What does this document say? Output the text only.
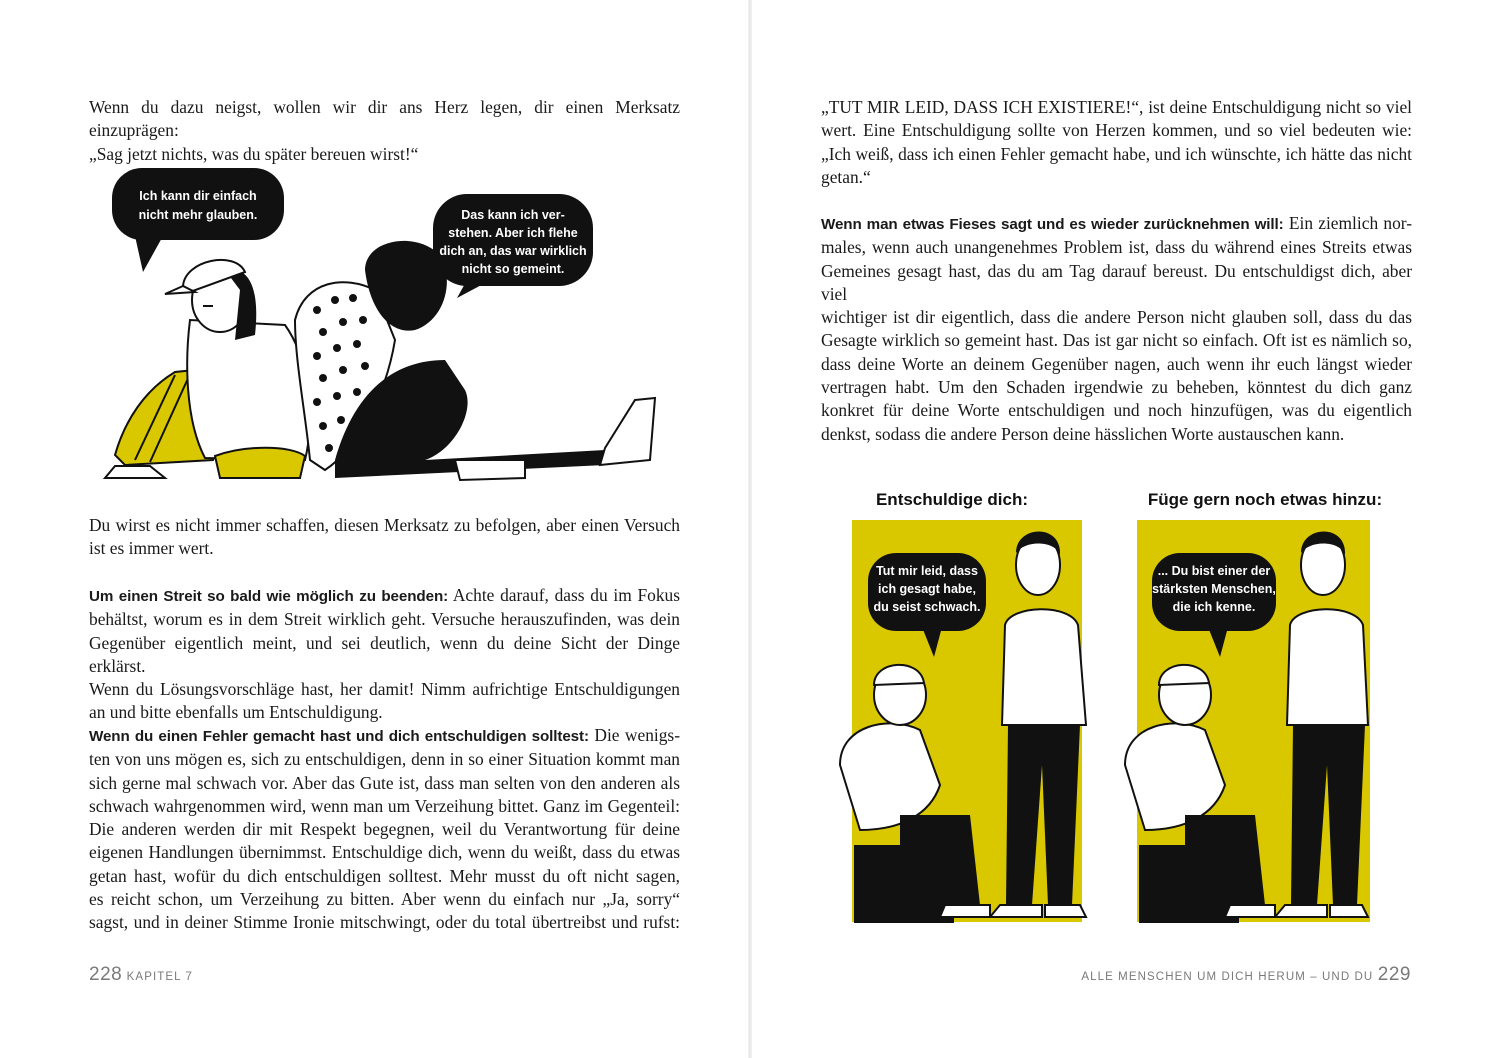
Wenn du dazu neigst, wollen wir dir ans Herz legen, dir einen Merksatz einzuprägen:
„Sag jetzt nichts, was du später bereuen wirst!“
Ich kann dir einfach
nicht mehr glauben.	Das kann ich ver-
stehen. Aber ich flehe
dich an, das war wirklich
nicht so gemeint.
Du wirst es nicht immer schaffen, diesen Merksatz zu befolgen, aber einen Versuch
ist es immer wert.
Um einen Streit so bald wie möglich zu beenden: Achte darauf, dass du im Fokus
behältst, worum es in dem Streit wirklich geht. Versuche herauszufinden, was dein
Gegenüber eigentlich meint, und sei deutlich, wenn du deine Sicht der Dinge erklärst.
Wenn du Lösungsvorschläge hast, her damit! Nimm aufrichtige Entschuldigungen
an und bitte ebenfalls um Entschuldigung.
Wenn du einen Fehler gemacht hast und dich entschuldigen solltest: Die wenigs-
ten von uns mögen es, sich zu entschuldigen, denn in so einer Situation kommt man
sich gerne mal schwach vor. Aber das Gute ist, dass man selten von den anderen als
schwach wahrgenommen wird, wenn man um Verzeihung bittet. Ganz im Gegenteil:
Die anderen werden dir mit Respekt begegnen, weil du Verantwortung für deine
eigenen Handlungen übernimmst. Entschuldige dich, wenn du weißt, dass du etwas
getan hast, wofür du dich entschuldigen solltest. Mehr musst du oft nicht sagen,
es reicht schon, um Verzeihung zu bitten. Aber wenn du einfach nur „Ja, sorry“
sagst, und in deiner Stimme Ironie mitschwingt, oder du total übertreibst und rufst:
228 KAPITEL 7
„TUT MIR LEID, DASS ICH EXISTIERE!“, ist deine Entschuldigung nicht so viel
wert. Eine Entschuldigung sollte von Herzen kommen, und so viel bedeuten wie:
„Ich weiß, dass ich einen Fehler gemacht habe, und ich wünschte, ich hätte das nicht
getan.“
Wenn man etwas Fieses sagt und es wieder zurücknehmen will: Ein ziemlich nor-
males, wenn auch unangenehmes Problem ist, dass du während eines Streits etwas
Gemeines gesagt hast, das du am Tag darauf bereust. Du entschuldigst dich, aber viel
wichtiger ist dir eigentlich, dass die andere Person nicht glauben soll, dass du das
Gesagte wirklich so gemeint hast. Das ist gar nicht so einfach. Oft ist es nämlich so,
dass deine Worte an deinem Gegenüber nagen, auch wenn ihr euch längst wieder
vertragen habt. Um den Schaden irgendwie zu beheben, könntest du dich ganz
konkret für deine Worte entschuldigen und noch hinzufügen, was du eigentlich
denkst, sodass die andere Person deine hässlichen Worte austauschen kann.
Entschuldige dich:
Tut mir leid, dass
ich gesagt habe,
du seist schwach.
Füge gern noch etwas hinzu:
... Du bist einer der
stärksten Menschen,
die ich kenne.
ALLE MENSCHEN UM DICH HERUM – UND DU 229
